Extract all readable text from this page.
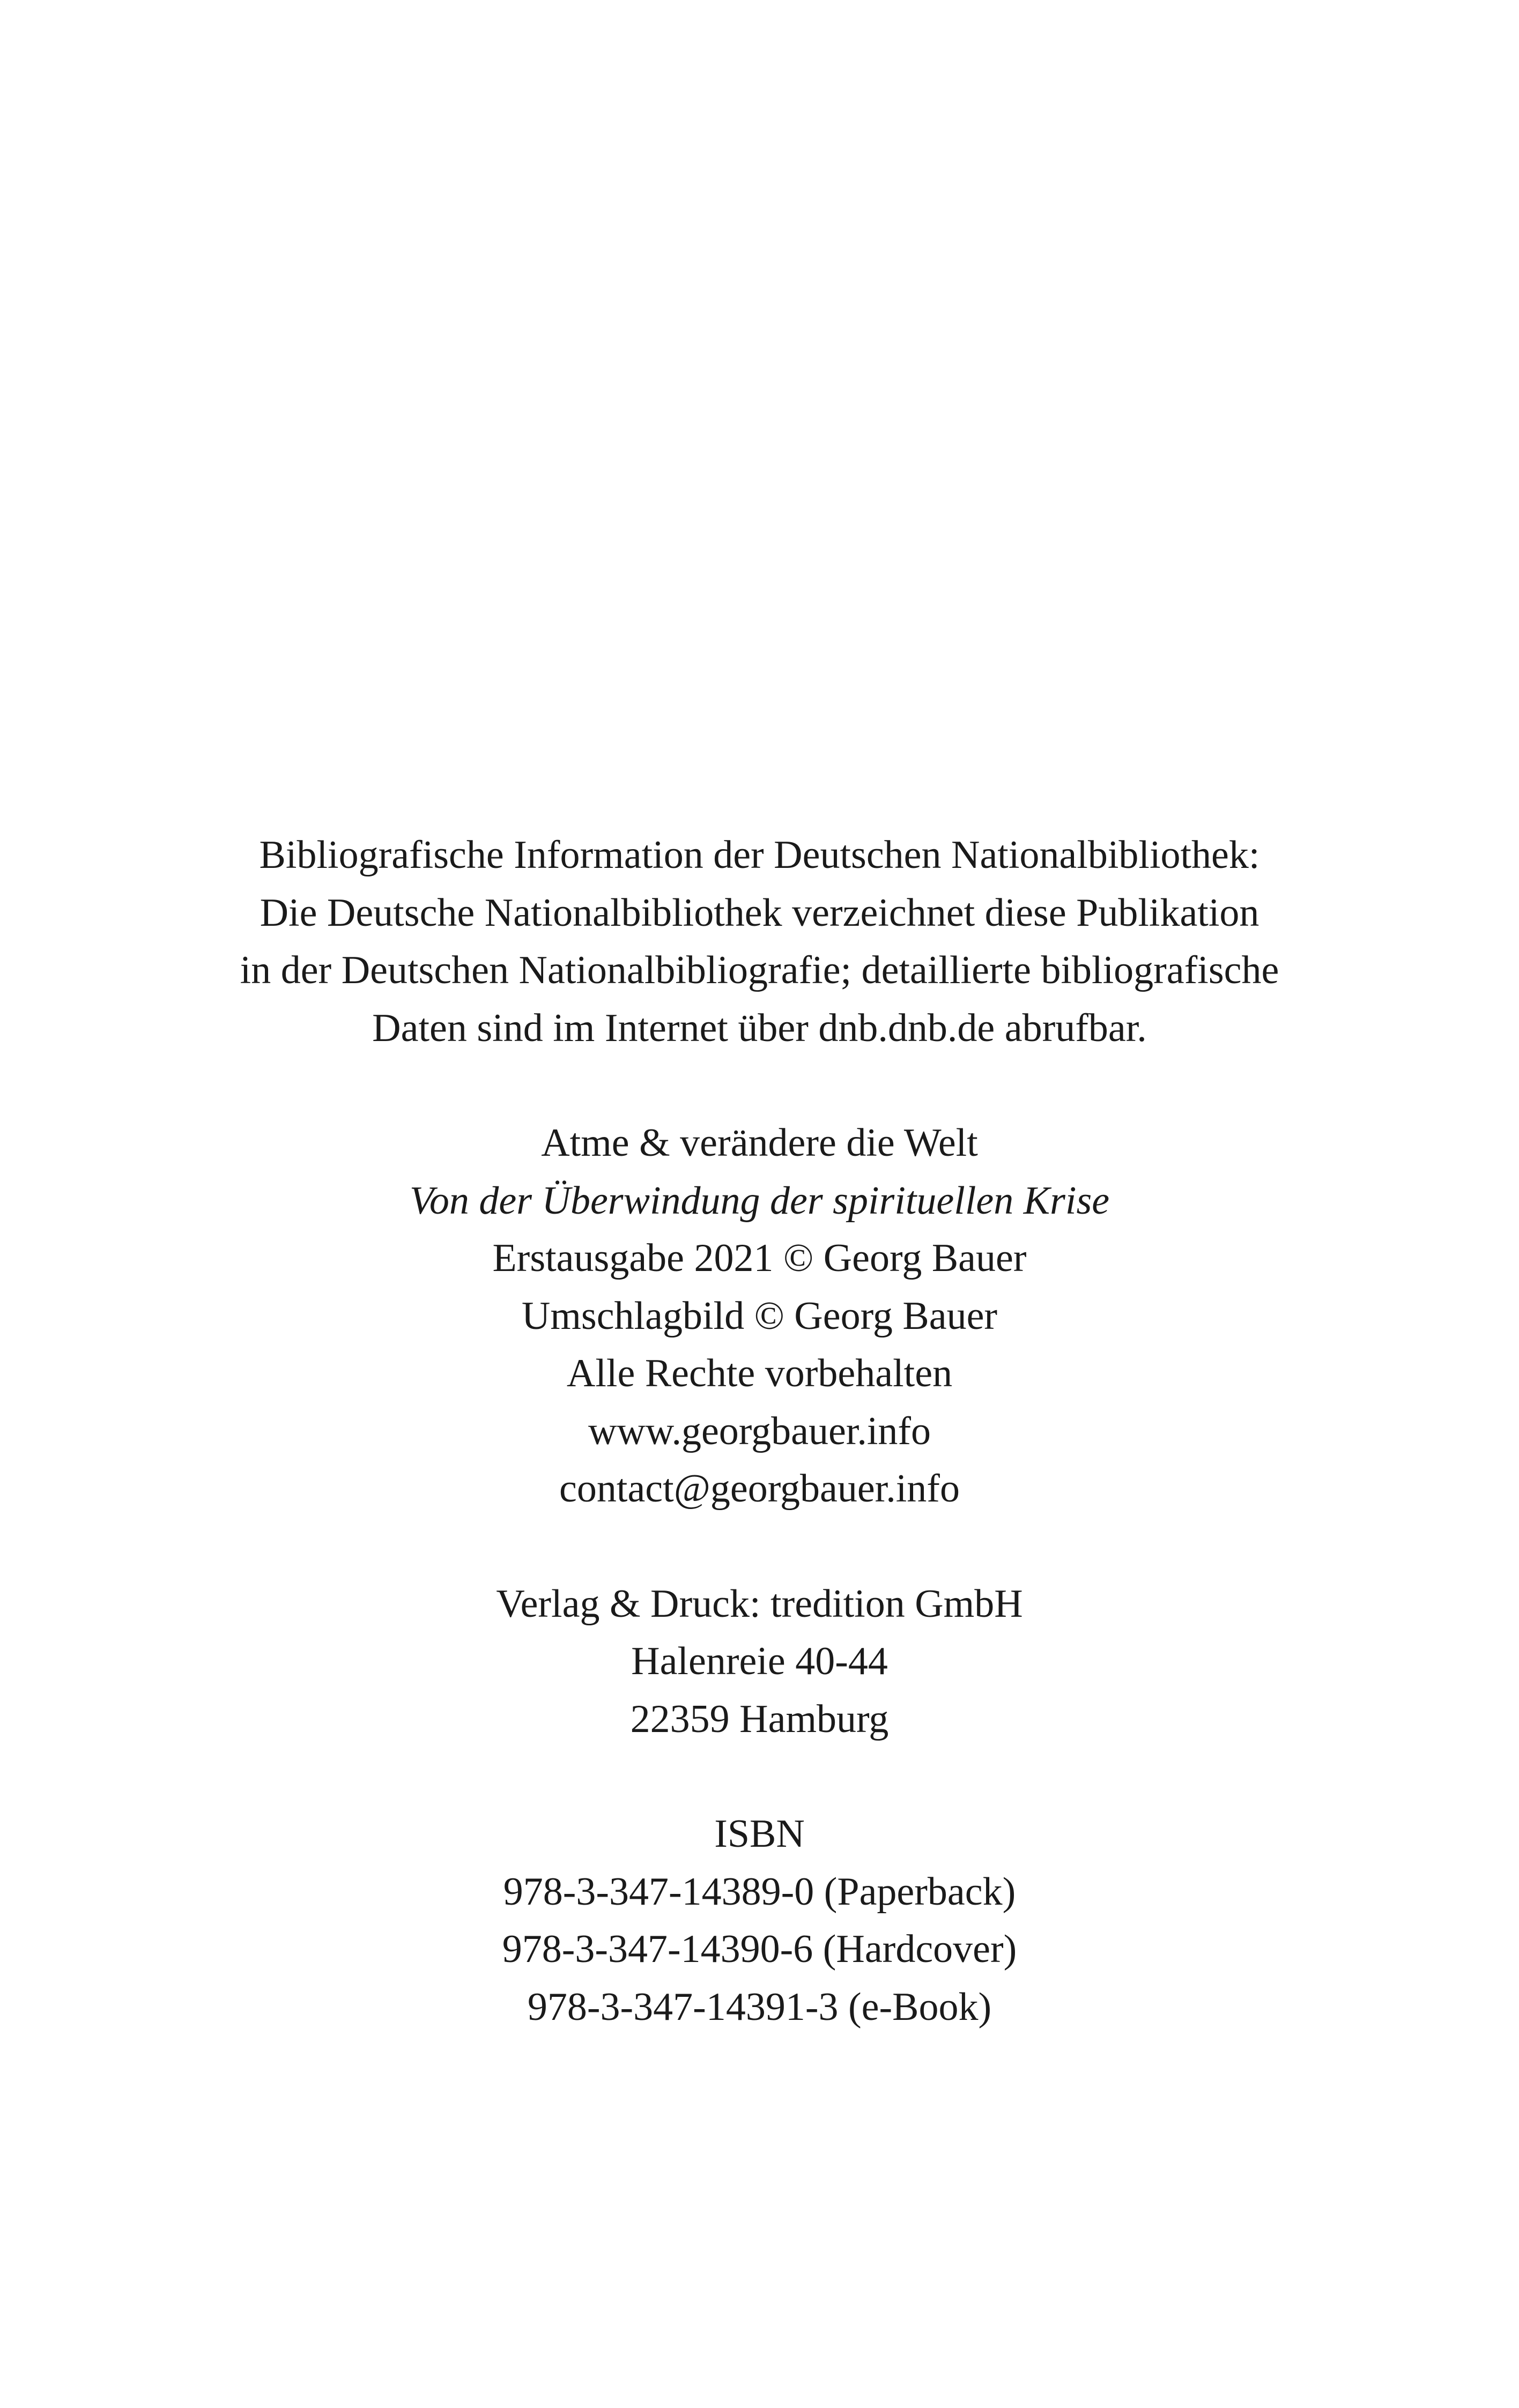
Bibliografische Information der Deutschen Nationalbibliothek:
Die Deutsche Nationalbibliothek verzeichnet diese Publikation
in der Deutschen Nationalbibliografie; detaillierte bibliografische
Daten sind im Internet über dnb.dnb.de abrufbar.
Atme & verändere die Welt
Von der Überwindung der spirituellen Krise
Erstausgabe 2021 © Georg Bauer
Umschlagbild © Georg Bauer
Alle Rechte vorbehalten
www.georgbauer.info
contact@georgbauer.info
Verlag & Druck: tredition GmbH
Halenreie 40-44
22359 Hamburg
ISBN
978-3-347-14389-0 (Paperback)
978-3-347-14390-6 (Hardcover)
978-3-347-14391-3 (e-Book)
